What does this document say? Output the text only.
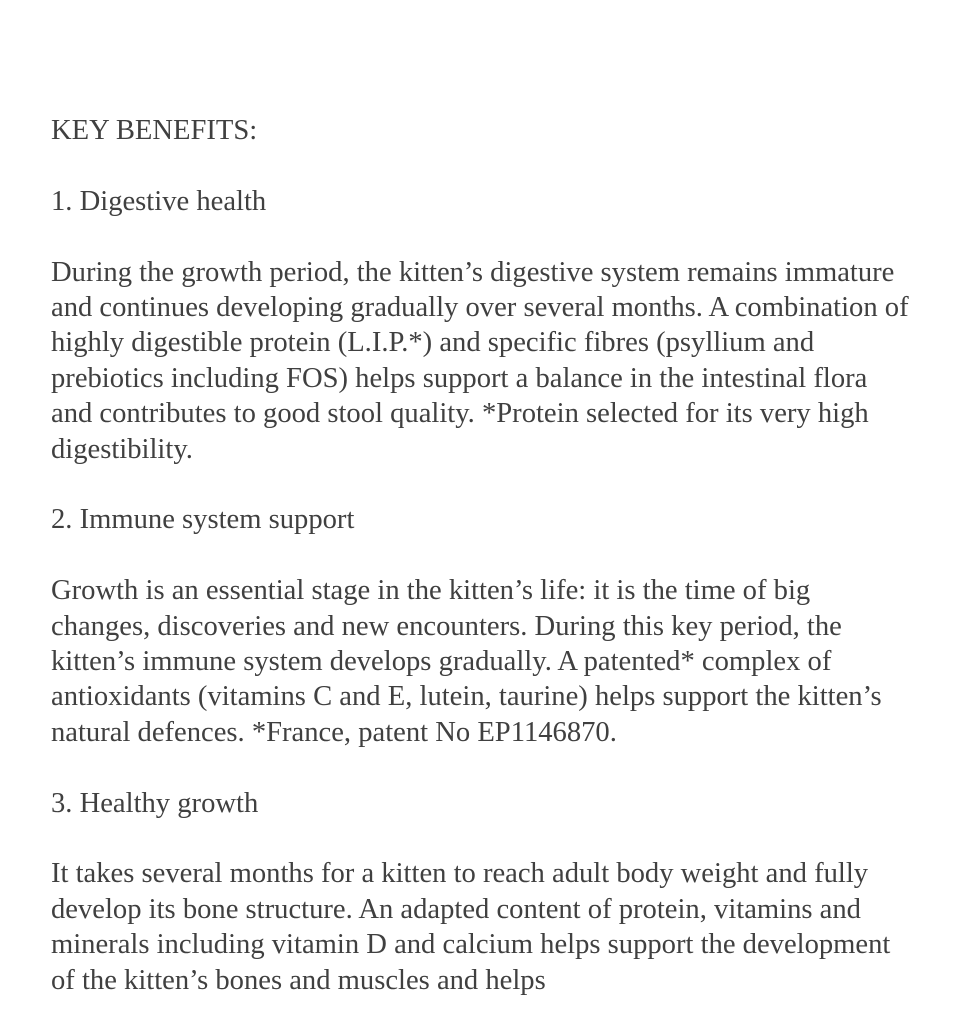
KEY BENEFITS:

1. Digestive health

During the growth period, the kitten’s digestive system remains immature and continues developing gradually over several months. A combination of highly digestible protein (L.I.P.*) and specific fibres (psyllium and prebiotics including FOS) helps support a balance in the intestinal flora and contributes to good stool quality. *Protein selected for its very high digestibility.

2. Immune system support

Growth is an essential stage in the kitten’s life: it is the time of big changes, discoveries and new encounters. During this key period, the kitten’s immune system develops gradually. A patented* complex of antioxidants (vitamins C and E, lutein, taurine) helps support the kitten’s natural defences. *France, patent No EP1146870.

3. Healthy growth

It takes several months for a kitten to reach adult body weight and fully develop its bone structure. An adapted content of protein, vitamins and minerals including vitamin D and calcium helps support the development of the kitten’s bones and muscles and helps
